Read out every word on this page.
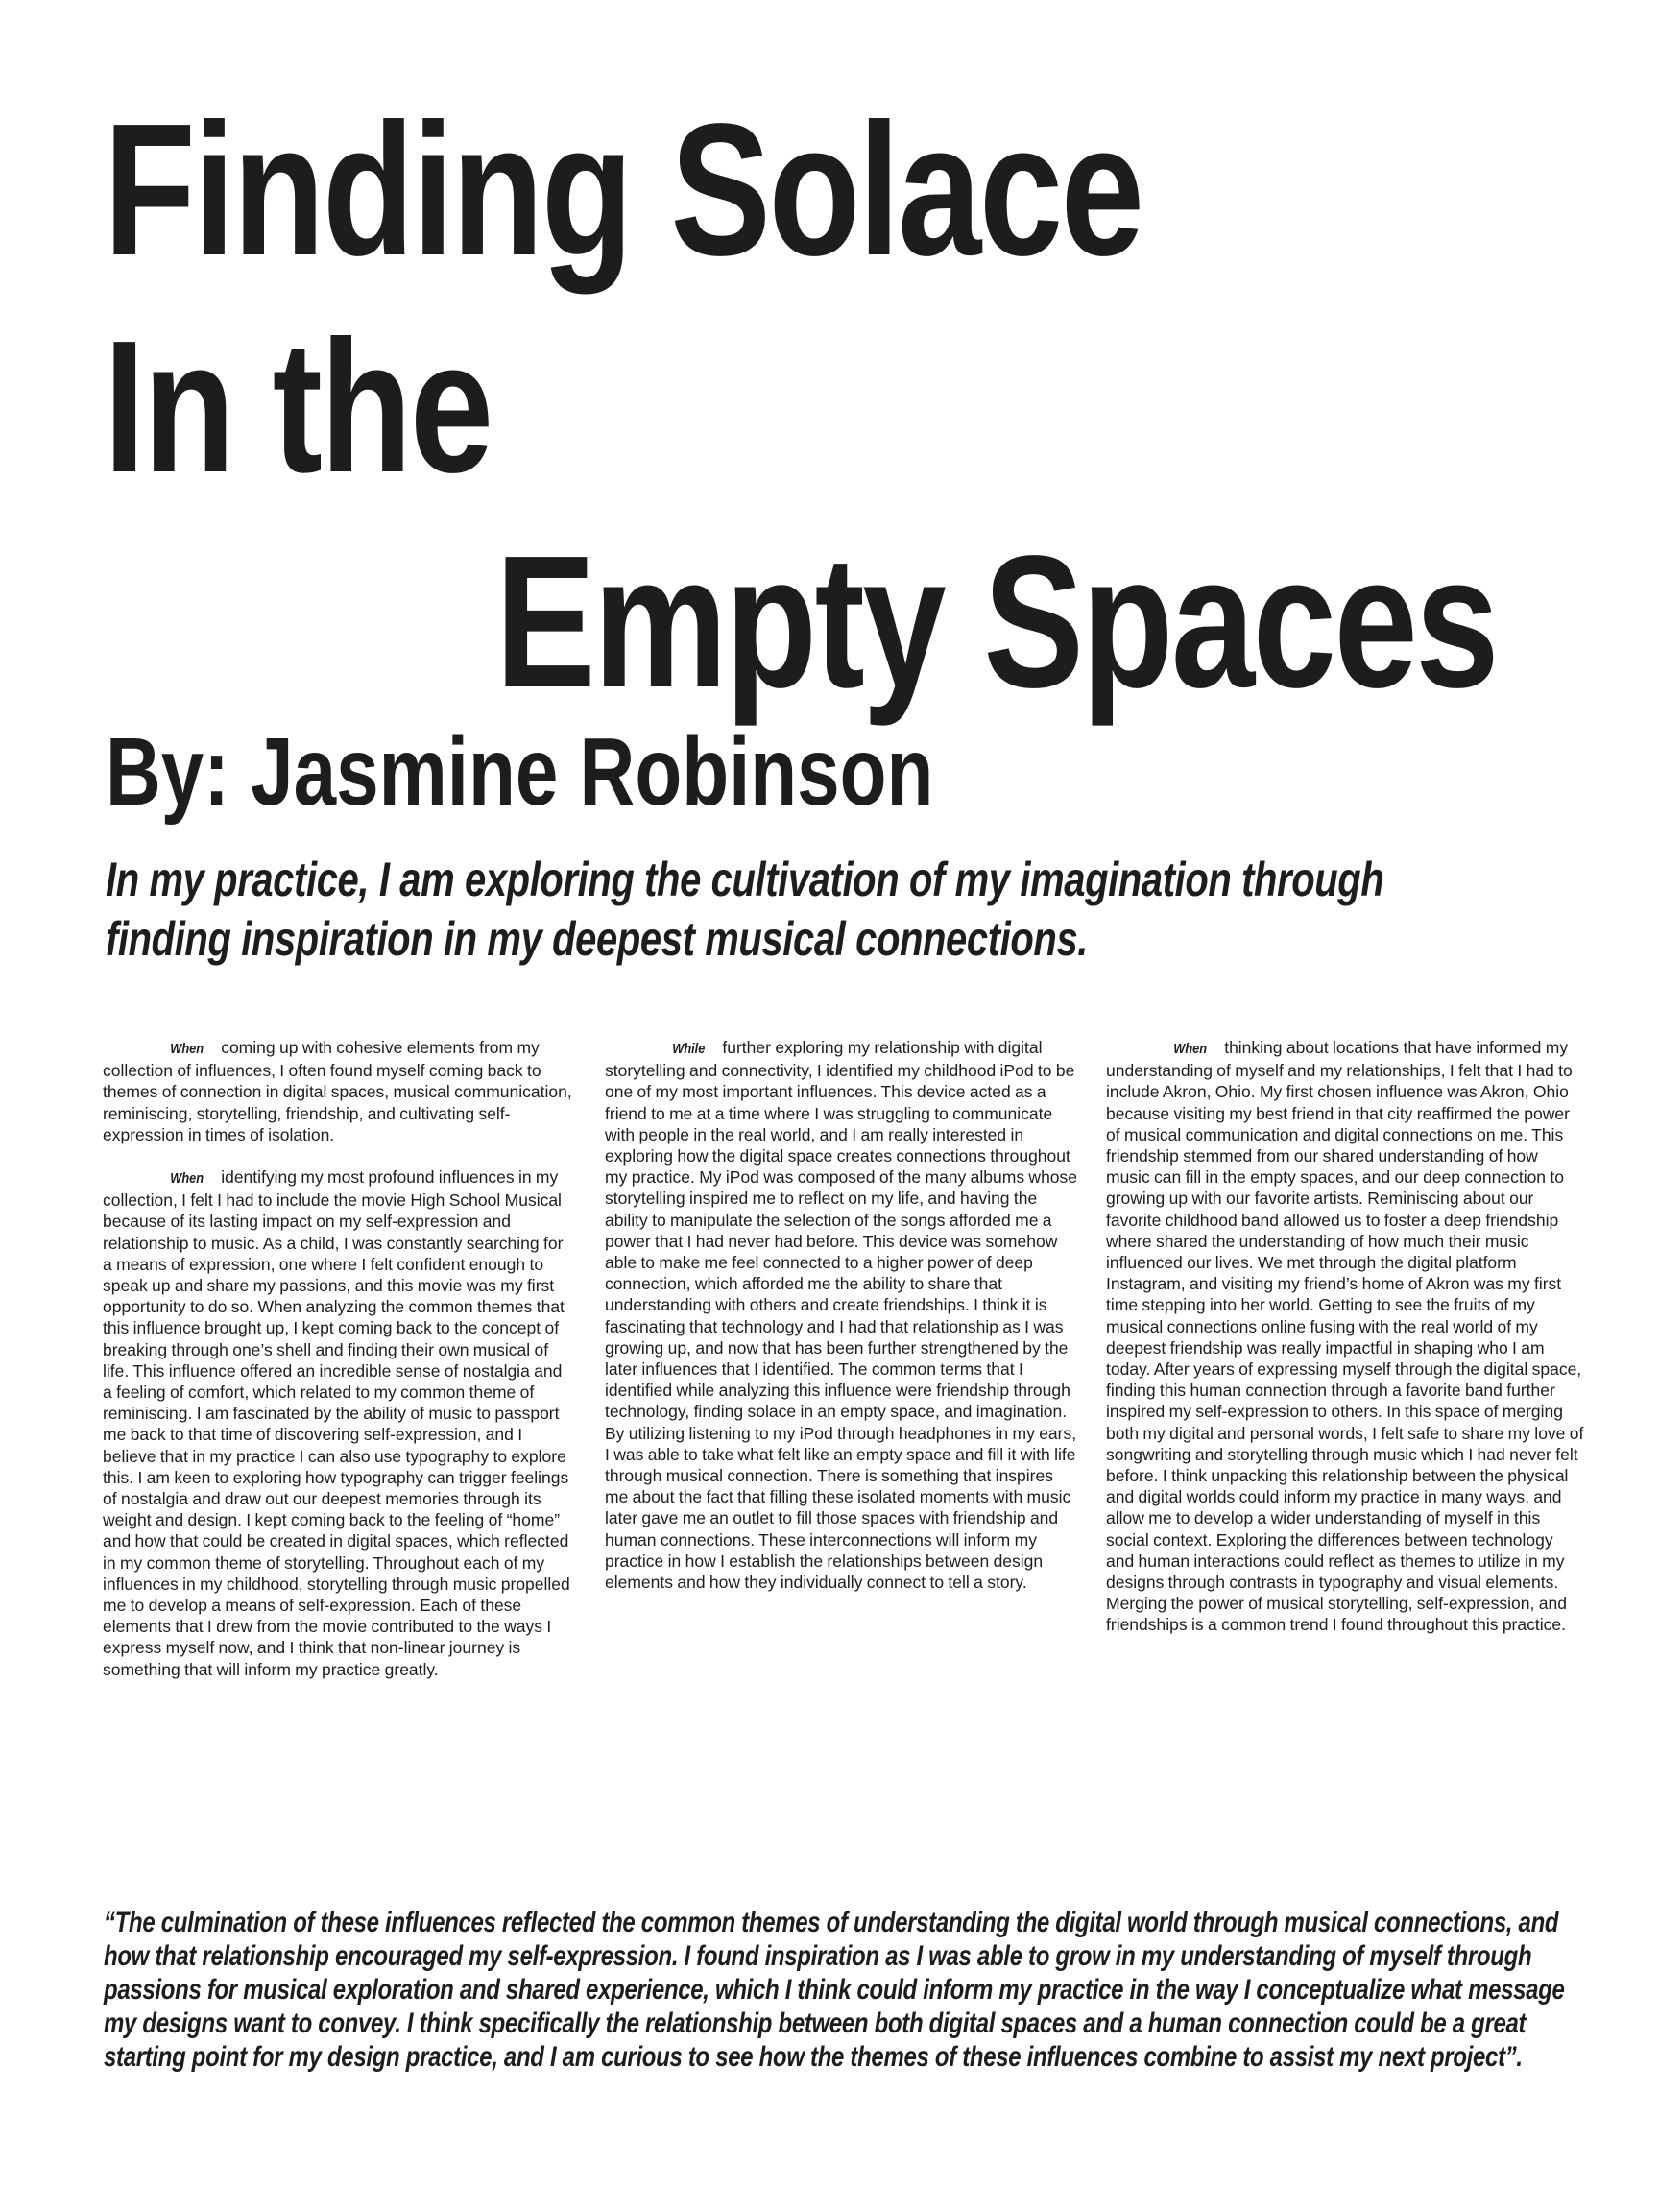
Finding Solace
In the
Empty Spaces
By: Jasmine Robinson

In my practice, I am exploring the cultivation of my imagination through finding inspiration in my deepest musical connections.

When coming up with cohesive elements from my collection of influences, I often found myself coming back to themes of connection in digital spaces, musical communication, reminiscing, storytelling, friendship, and cultivating self-expression in times of isolation.

When identifying my most profound influences in my collection, I felt I had to include the movie High School Musical because of its lasting impact on my self-expression and relationship to music. As a child, I was constantly searching for a means of expression, one where I felt confident enough to speak up and share my passions, and this movie was my first opportunity to do so. When analyzing the common themes that this influence brought up, I kept coming back to the concept of breaking through one’s shell and finding their own musical of life. This influence offered an incredible sense of nostalgia and a feeling of comfort, which related to my common theme of reminiscing. I am fascinated by the ability of music to passport me back to that time of discovering self-expression, and I believe that in my practice I can also use typography to explore this. I am keen to exploring how typography can trigger feelings of nostalgia and draw out our deepest memories through its weight and design. I kept coming back to the feeling of “home” and how that could be created in digital spaces, which reflected in my common theme of storytelling. Throughout each of my influences in my childhood, storytelling through music propelled me to develop a means of self-expression. Each of these elements that I drew from the movie contributed to the ways I express myself now, and I think that non-linear journey is something that will inform my practice greatly.

While further exploring my relationship with digital storytelling and connectivity, I identified my childhood iPod to be one of my most important influences. This device acted as a friend to me at a time where I was struggling to communicate with people in the real world, and I am really interested in exploring how the digital space creates connections throughout my practice. My iPod was composed of the many albums whose storytelling inspired me to reflect on my life, and having the ability to manipulate the selection of the songs afforded me a power that I had never had before. This device was somehow able to make me feel connected to a higher power of deep connection, which afforded me the ability to share that understanding with others and create friendships. I think it is fascinating that technology and I had that relationship as I was growing up, and now that has been further strengthened by the later influences that I identified. The common terms that I identified while analyzing this influence were friendship through technology, finding solace in an empty space, and imagination. By utilizing listening to my iPod through headphones in my ears, I was able to take what felt like an empty space and fill it with life through musical connection. There is something that inspires me about the fact that filling these isolated moments with music later gave me an outlet to fill those spaces with friendship and human connections. These interconnections will inform my practice in how I establish the relationships between design elements and how they individually connect to tell a story.

When thinking about locations that have informed my understanding of myself and my relationships, I felt that I had to include Akron, Ohio. My first chosen influence was Akron, Ohio because visiting my best friend in that city reaffirmed the power of musical communication and digital connections on me. This friendship stemmed from our shared understanding of how music can fill in the empty spaces, and our deep connection to growing up with our favorite artists. Reminiscing about our favorite childhood band allowed us to foster a deep friendship where shared the understanding of how much their music influenced our lives. We met through the digital platform Instagram, and visiting my friend’s home of Akron was my first time stepping into her world. Getting to see the fruits of my musical connections online fusing with the real world of my deepest friendship was really impactful in shaping who I am today. After years of expressing myself through the digital space, finding this human connection through a favorite band further inspired my self-expression to others. In this space of merging both my digital and personal words, I felt safe to share my love of songwriting and storytelling through music which I had never felt before. I think unpacking this relationship between the physical and digital worlds could inform my practice in many ways, and allow me to develop a wider understanding of myself in this social context. Exploring the differences between technology and human interactions could reflect as themes to utilize in my designs through contrasts in typography and visual elements. Merging the power of musical storytelling, self-expression, and friendships is a common trend I found throughout this practice.

“The culmination of these influences reflected the common themes of understanding the digital world through musical connections, and how that relationship encouraged my self-expression. I found inspiration as I was able to grow in my understanding of myself through passions for musical exploration and shared experience, which I think could inform my practice in the way I conceptualize what message my designs want to convey. I think specifically the relationship between both digital spaces and a human connection could be a great starting point for my design practice, and I am curious to see how the themes of these influences combine to assist my next project”.
